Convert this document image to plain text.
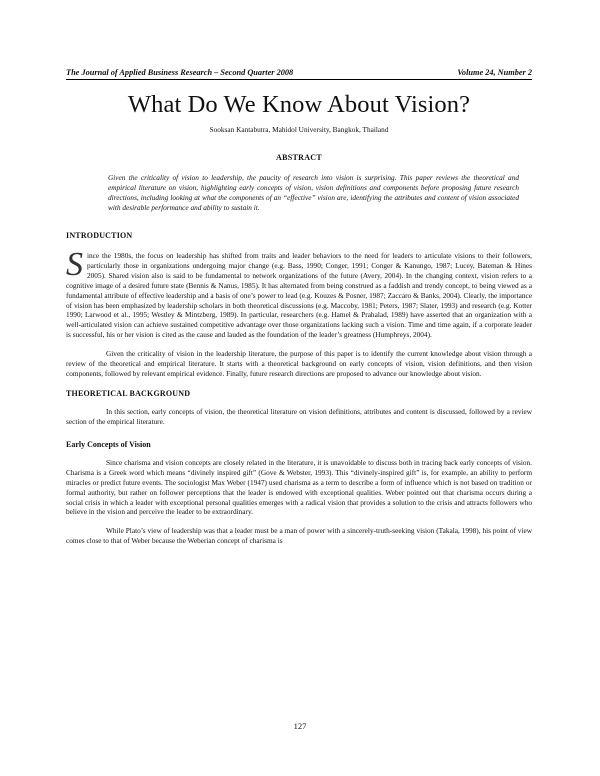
The Journal of Applied Business Research – Second Quarter 2008	Volume 24, Number 2
What Do We Know About Vision?
Sooksan Kantabutra, Mahidol University, Bangkok, Thailand
ABSTRACT
Given the criticality of vision to leadership, the paucity of research into vision is surprising. This paper reviews the theoretical and empirical literature on vision, highlighting early concepts of vision, vision definitions and components before proposing future research directions, including looking at what the components of an “effective” vision are, identifying the attributes and content of vision associated with desirable performance and ability to sustain it.
INTRODUCTION

Since the 1980s, the focus on leadership has shifted from traits and leader behaviors to the need for leaders to articulate visions to their followers, particularly those in organizations undergoing major change (e.g. Bass, 1990; Conger, 1991; Conger & Kanungo, 1987; Lucey, Bateman & Hines 2005). Shared vision also is said to be fundamental to network organizations of the future (Avery, 2004). In the changing context, vision refers to a cognitive image of a desired future state (Bennis & Nanus, 1985). It has alternated from being construed as a faddish and trendy concept, to being viewed as a fundamental attribute of effective leadership and a basis of one’s power to lead (e.g. Kouzes & Posner, 1987; Zaccaro & Banks, 2004). Clearly, the importance of vision has been emphasized by leadership scholars in both theoretical discussions (e.g. Maccoby, 1981; Peters, 1987; Slater, 1993) and research (e.g. Kotter 1990; Larwood et al., 1995; Westley & Mintzberg, 1989). In particular, researchers (e.g. Hamel & Prahalad, 1989) have asserted that an organization with a well-articulated vision can achieve sustained competitive advantage over those organizations lacking such a vision. Time and time again, if a corporate leader is successful, his or her vision is cited as the cause and lauded as the foundation of the leader’s greatness (Humphreys, 2004).

Given the criticality of vision in the leadership literature, the purpose of this paper is to identify the current knowledge about vision through a review of the theoretical and empirical literature. It starts with a theoretical background on early concepts of vision, vision definitions, and then vision components, followed by relevant empirical evidence. Finally, future research directions are proposed to advance our knowledge about vision.

THEORETICAL BACKGROUND

In this section, early concepts of vision, the theoretical literature on vision definitions, attributes and content is discussed, followed by a review section of the empirical literature.

Early Concepts of Vision

Since charisma and vision concepts are closely related in the literature, it is unavoidable to discuss both in tracing back early concepts of vision. Charisma is a Greek word which means “divinely inspired gift” (Gove & Webster, 1993). This “divinely-inspired gift” is, for example, an ability to perform miracles or predict future events. The sociologist Max Weber (1947) used charisma as a term to describe a form of influence which is not based on tradition or formal authority, but rather on follower perceptions that the leader is endowed with exceptional qualities. Weber pointed out that charisma occurs during a social crisis in which a leader with exceptional personal qualities emerges with a radical vision that provides a solution to the crisis and attracts followers who believe in the vision and perceive the leader to be extraordinary.

While Plato’s view of leadership was that a leader must be a man of power with a sincerely-truth-seeking vision (Takala, 1998), his point of view comes close to that of Weber because the Weberian concept of charisma is

127
